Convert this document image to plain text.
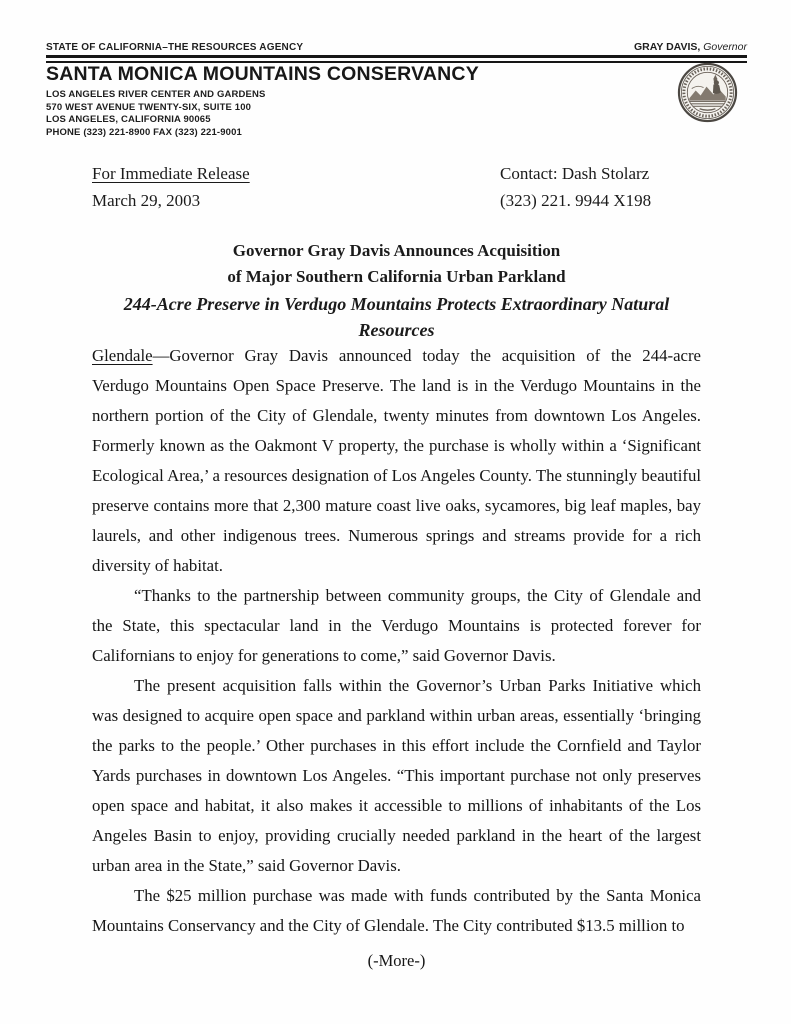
STATE OF CALIFORNIA–THE RESOURCES AGENCY	GRAY DAVIS, Governor
SANTA MONICA MOUNTAINS CONSERVANCY
LOS ANGELES RIVER CENTER AND GARDENS
570 WEST AVENUE TWENTY-SIX, SUITE 100
LOS ANGELES, CALIFORNIA 90065
PHONE (323) 221-8900 FAX (323) 221-9001
For Immediate Release
March 29, 2003
Contact: Dash Stolarz
(323) 221. 9944 X198
Governor Gray Davis Announces Acquisition
of Major Southern California Urban Parkland
244-Acre Preserve in Verdugo Mountains Protects Extraordinary Natural Resources

Glendale—Governor Gray Davis announced today the acquisition of the 244-acre Verdugo Mountains Open Space Preserve. The land is in the Verdugo Mountains in the northern portion of the City of Glendale, twenty minutes from downtown Los Angeles. Formerly known as the Oakmont V property, the purchase is wholly within a ‘Significant Ecological Area,’ a resources designation of Los Angeles County. The stunningly beautiful preserve contains more that 2,300 mature coast live oaks, sycamores, big leaf maples, bay laurels, and other indigenous trees. Numerous springs and streams provide for a rich diversity of habitat.

“Thanks to the partnership between community groups, the City of Glendale and the State, this spectacular land in the Verdugo Mountains is protected forever for Californians to enjoy for generations to come,” said Governor Davis.

The present acquisition falls within the Governor’s Urban Parks Initiative which was designed to acquire open space and parkland within urban areas, essentially ‘bringing the parks to the people.’ Other purchases in this effort include the Cornfield and Taylor Yards purchases in downtown Los Angeles. “This important purchase not only preserves open space and habitat, it also makes it accessible to millions of inhabitants of the Los Angeles Basin to enjoy, providing crucially needed parkland in the heart of the largest urban area in the State,” said Governor Davis.

The $25 million purchase was made with funds contributed by the Santa Monica Mountains Conservancy and the City of Glendale. The City contributed $13.5 million to

(-More-)
